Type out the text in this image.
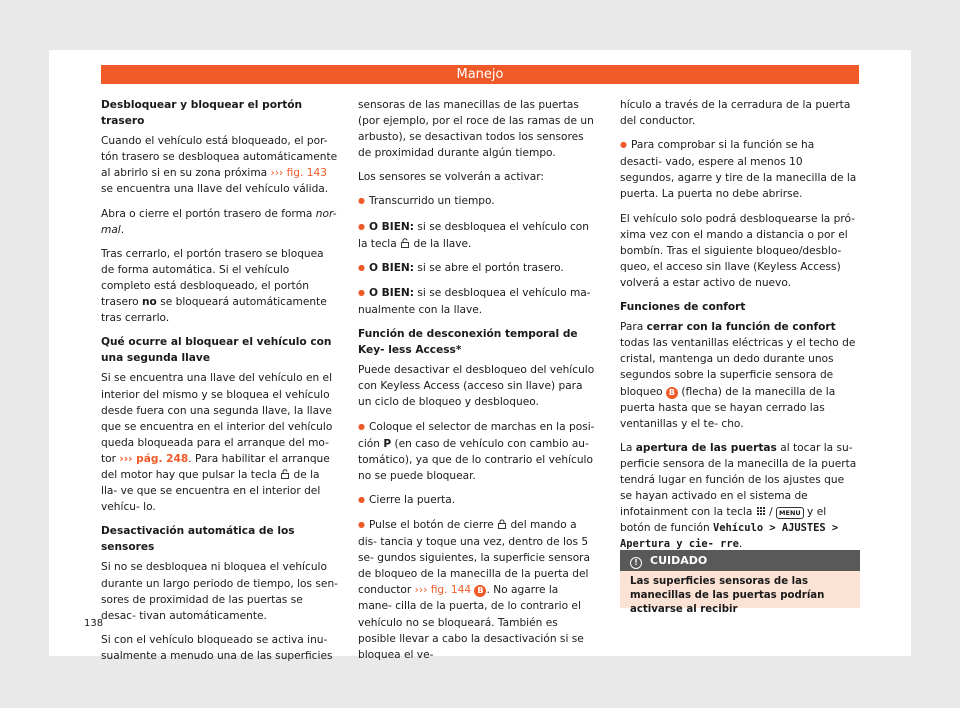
Manejo
Desbloquear y bloquear el portón trasero

Cuando el vehículo está bloqueado, el por- tón trasero se desbloquea automáticamente al abrirlo si en su zona próxima ››› fig. 143 se encuentra una llave del vehículo válida.

Abra o cierre el portón trasero de forma nor- mal.

Tras cerrarlo, el portón trasero se bloquea de forma automática. Si el vehículo completo está desbloqueado, el portón trasero no se bloqueará automáticamente tras cerrarlo.

Qué ocurre al bloquear el vehículo con una segunda llave

Si se encuentra una llave del vehículo en el interior del mismo y se bloquea el vehículo desde fuera con una segunda llave, la llave que se encuentra en el interior del vehículo queda bloqueada para el arranque del mo- tor ››› pág. 248. Para habilitar el arranque del motor hay que pulsar la tecla  de la lla- ve que se encuentra en el interior del vehícu- lo.

Desactivación automática de los sensores

Si no se desbloquea ni bloquea el vehículo durante un largo periodo de tiempo, los sen- sores de proximidad de las puertas se desac- tivan automáticamente.

Si con el vehículo bloqueado se activa inu- sualmente a menudo una de las superficies

sensoras de las manecillas de las puertas (por ejemplo, por el roce de las ramas de un arbusto), se desactivan todos los sensores de proximidad durante algún tiempo.

Los sensores se volverán a activar:

● Transcurrido un tiempo.

● O BIEN: si se desbloquea el vehículo con la tecla  de la llave.

● O BIEN: si se abre el portón trasero.

● O BIEN: si se desbloquea el vehículo ma- nualmente con la llave.

Función de desconexión temporal de Key- less Access*

Puede desactivar el desbloqueo del vehículo con Keyless Access (acceso sin llave) para un ciclo de bloqueo y desbloqueo.

● Coloque el selector de marchas en la posi- ción P (en caso de vehículo con cambio au- tomático), ya que de lo contrario el vehículo no se puede bloquear.

● Cierre la puerta.

● Pulse el botón de cierre  del mando a dis- tancia y toque una vez, dentro de los 5 se- gundos siguientes, la superficie sensora de bloqueo de la manecilla de la puerta del conductor ››› fig. 144 B . No agarre la mane- cilla de la puerta, de lo contrario el vehículo no se bloqueará. También es posible llevar a cabo la desactivación si se bloquea el ve-

hículo a través de la cerradura de la puerta del conductor.

● Para comprobar si la función se ha desacti- vado, espere al menos 10 segundos, agarre y tire de la manecilla de la puerta. La puerta no debe abrirse.

El vehículo solo podrá desbloquearse la pró- xima vez con el mando a distancia o por el bombín. Tras el siguiente bloqueo/desblo- queo, el acceso sin llave (Keyless Access) volverá a estar activo de nuevo.

Funciones de confort

Para cerrar con la función de confort todas las ventanillas eléctricas y el techo de cristal, mantenga un dedo durante unos segundos sobre la superficie sensora de bloqueo B (flecha) de la manecilla de la puerta hasta que se hayan cerrado las ventanillas y el te- cho.

La apertura de las puertas al tocar la su- perficie sensora de la manecilla de la puerta tendrá lugar en función de los ajustes que se hayan activado en el sistema de infotainment con la tecla  / MENU y el botón de función Vehículo > AJUSTES > Apertura y cie- rre.

! CUIDADO
Las superficies sensoras de las manecillas de las puertas podrían activarse al recibir
138
